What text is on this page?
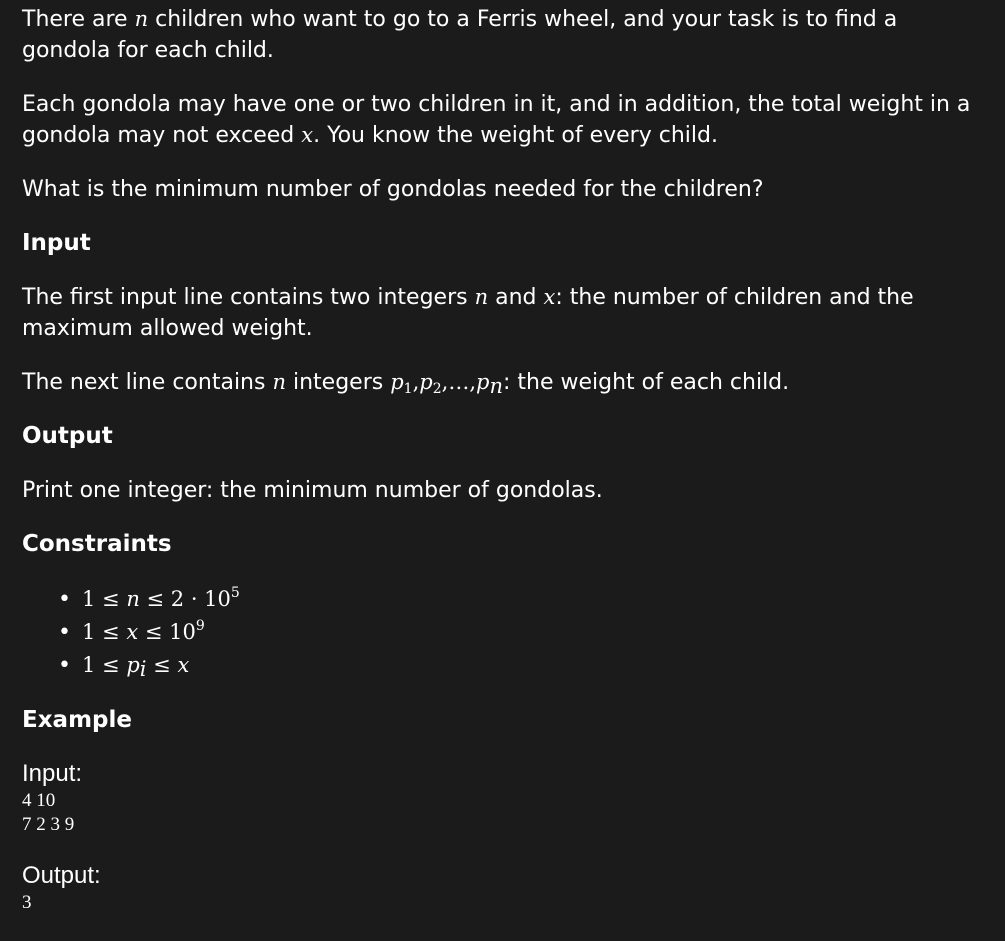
There are n children who want to go to a Ferris wheel, and your task is to find a gondola for each child.

Each gondola may have one or two children in it, and in addition, the total weight in a gondola may not exceed x. You know the weight of every child.

What is the minimum number of gondolas needed for the children?

Input

The first input line contains two integers n and x: the number of children and the maximum allowed weight.

The next line contains n integers $p_1,p_2,\dots,p_n$: the weight of each child.

Output

Print one integer: the minimum number of gondolas.

Constraints
• $1 \le n \le 2 \cdot 10^5$
• $1 \le x \le 10^9$
• $1 \le p_i \le x$
Example

Input:

4 10
7 2 3 9

Output:

3
